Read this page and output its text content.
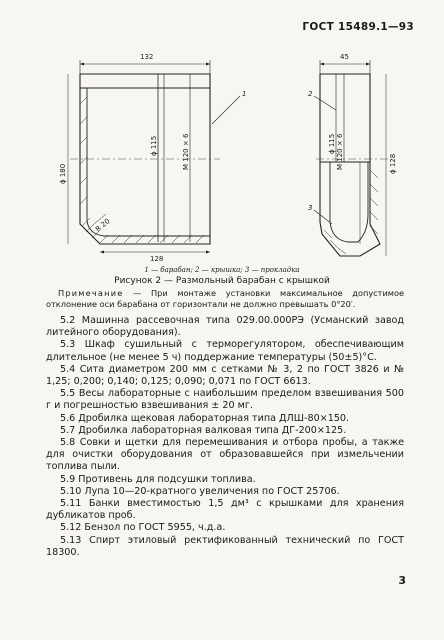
ГОСТ 15489.1—93
132	45
128
ϕ 180
ϕ 115	M 120 × 6	ϕ 115 M 120 × 6	ϕ 128
R 20
1	2
3
1 — барабан; 2 — крышка; 3 — прокладка
Рисунок 2 — Размольный барабан с крышкой
Примечание — При монтаже установки максимальное допустимое отклонение оси барабана от горизонтали не должно превышать 0°20′.

5.2 Машинна рассевочная типа 029.00.000РЭ (Усманский завод литейного оборудования).

5.3 Шкаф сушильный с терморегулятором, обеспечивающим длительное (не менее 5 ч) поддержание температуры (50±5)°С.

5.4 Сита диаметром 200 мм с сетками № 3, 2 по ГОСТ 3826 и № 1,25; 0,200; 0,140; 0,125; 0,090; 0,071 по ГОСТ 6613.

5.5 Весы лабораторные с наибольшим пределом взвешивания 500 г и погрешностью взвешивания ± 20 мг.

5.6 Дробилка щековая лабораторная типа ДЛШ-80×150.

5.7 Дробилка лабораторная валковая типа ДГ-200×125.

5.8 Совки и щетки для перемешивания и отбора пробы, а также для очистки оборудования от образовавшейся при измельчении топлива пыли.

5.9 Противень для подсушки топлива.

5.10 Лупа 10—20-кратного увеличения по ГОСТ 25706.

5.11 Банки вместимостью 1,5 дм³ с крышками для хранения дубликатов проб.

5.12 Бензол по ГОСТ 5955, ч.д.а.

5.13 Спирт этиловый ректификованный технический по ГОСТ 18300.

3
